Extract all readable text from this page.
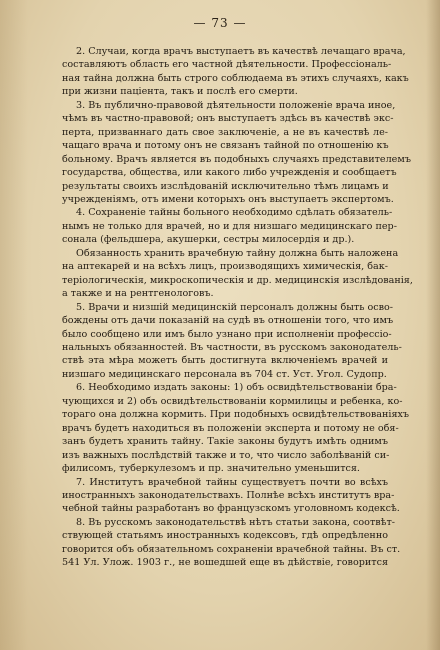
— 73 —
2. Случаи, когда врачъ выступаетъ въ качествѣ лечащаго врача,
составляютъ область его частной дѣятельности. Профессіональ-
ная тайна должна быть строго соблюдаема въ этихъ случаяхъ, какъ
при жизни пацiента, такъ и послѣ его смерти.
3. Въ публично-правовой дѣятельности положеніе врача иное,
чѣмъ въ частно-правовой; онъ выступаетъ здѣсь въ качествѣ экс-
перта, призваннаго дать свое заключеніе, а не въ качествѣ ле-
чащаго врача и потому онъ не связанъ тайной по отношенію къ
больному. Врачъ является въ подобныхъ случаяхъ представителемъ
государства, общества, или какого либо учрежденія и сообщаетъ
результаты своихъ изслѣдованій исключительно тѣмъ лицамъ и
учрежденіямъ, отъ имени которыхъ онъ выступаетъ экспертомъ.
4. Сохраненіе тайны больного необходимо сдѣлать обязатель-
нымъ не только для врачей, но и для низшаго медицинскаго пер-
сонала (фельдшера, акушерки, сестры милосердія и др.).
Обязанность хранить врачебную тайну должна быть наложена
на аптекарей и на всѣхъ лицъ, производящихъ химическія, бак-
теріологическія, микроскопическія и др. медицинскія изслѣдованія,
а также и на рентгенологовъ.
5. Врачи и низшій медицинскій персоналъ должны быть осво-
бождены отъ дачи показаній на судѣ въ отношеніи того, что имъ
было сообщено или имъ было узнано при исполненіи профессіо-
нальныхъ обязанностей. Въ частности, въ русскомъ законодатель-
ствѣ эта мѣра можетъ быть достигнута включеніемъ врачей и
низшаго медицинскаго персонала въ 704 ст. Уст. Угол. Судопр.
6. Необходимо издать законы: 1) объ освидѣтельствованіи бра-
чующихся и 2) объ освидѣтельствованіи кормилицы и ребенка, ко-
тораго она должна кормить. При подобныхъ освидѣтельствованіяхъ
врачъ будетъ находиться въ положеніи эксперта и потому не обя-
занъ будетъ хранить тайну. Такіе законы будутъ имѣть однимъ
изъ важныхъ послѣдствій также и то, что число заболѣваній си-
филисомъ, туберкулезомъ и пр. значительно уменьшится.
7. Институтъ врачебной тайны существуетъ почти во всѣхъ
иностранныхъ законодательствахъ. Полнѣе всѣхъ институтъ вра-
чебной тайны разработанъ во французскомъ уголовномъ кодексѣ.
8. Въ русскомъ законодательствѣ нѣтъ статьи закона, соотвѣт-
ствующей статьямъ иностранныхъ кодексовъ, гдѣ опредѣленно
говорится объ обязательномъ сохраненіи врачебной тайны. Въ ст.
541 Ул. Улож. 1903 г., не вошедшей еще въ дѣйствіе, говорится
